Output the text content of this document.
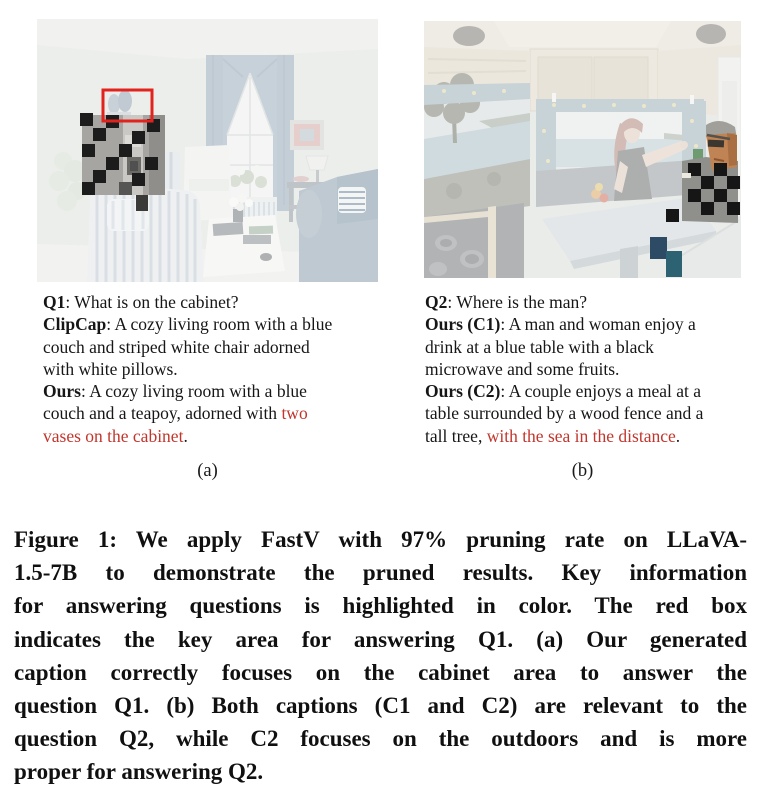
Q1: What is on the cabinet?
ClipCap: A cozy living room with a blue
couch and striped white chair adorned
with white pillows.
Ours: A cozy living room with a blue
couch and a teapoy, adorned with two
vases on the cabinet.
Q2: Where is the man?
Ours (C1): A man and woman enjoy a
drink at a blue table with a black
microwave and some fruits.
Ours (C2): A couple enjoys a meal at a
table surrounded by a wood fence and a
tall tree, with the sea in the distance.
(a)	(b)
Figure 1: We apply FastV with 97% pruning rate on LLaVA-
1.5-7B to demonstrate the pruned results. Key information
for answering questions is highlighted in color. The red box
indicates the key area for answering Q1. (a) Our generated
caption correctly focuses on the cabinet area to answer the
question Q1. (b) Both captions (C1 and C2) are relevant to the
question Q2, while C2 focuses on the outdoors and is more
proper for answering Q2.
